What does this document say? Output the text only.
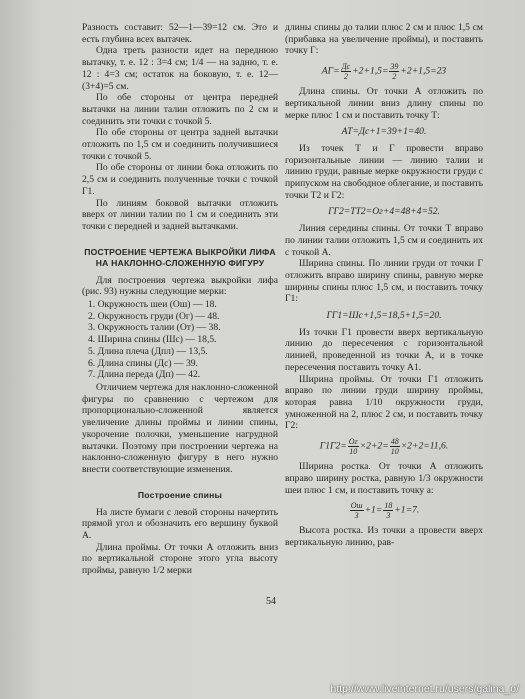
Разность составит: 52—1—39=12 см. Это и есть глубина всех вытачек.

Одна треть разности идет на переднюю вытачку, т. е. 12 : 3=4 см; 1/4 — на задню, т. е. 12 : 4=3 см; остаток на боковую, т. е. 12—(3+4)=5 см.

По обе стороны от центра передней вытачки на линии талии отложить по 2 см и соединить эти точки с точкой 5.

По обе стороны от центра задней вытачки отложить по 1,5 см и соединить получившиеся точки с точкой 5.

По обе стороны от линии бока отложить по 2,5 см и соединить полученные точки с точкой Г1.

По линиям боковой вытачки отложить вверх от линии талии по 1 см и соединить эти точки с передней и задней вытачками.

ПОСТРОЕНИЕ ЧЕРТЕЖА ВЫКРОЙКИ ЛИФА НА НАКЛОННО-СЛОЖЕННУЮ ФИГУРУ

Для построения чертежа выкройки лифа (рис. 93) нужны следующие мерки:

1. Окружность шеи (Ош) — 18.
2. Окружность груди (Ог) — 48.
3. Окружность талии (От) — 38.
4. Ширина спины (Шс) — 18,5.
5. Длина плеча (Дпл) — 13,5.
6. Длина спины (Дс) — 39.
7. Длина переда (Дп) — 42.

Отличием чертежа для наклонно-сложенной фигуры по сравнению с чертежом для пропорционально-сложенной является увеличение длины проймы и линии спины, укорочение полочки, уменьшение нагрудной вытачки. Поэтому при построении чертежа на наклонно-сложенную фигуру в него нужно внести соответствующие изменения.

Построение спины

На листе бумаги с левой стороны начертить прямой угол и обозначить его вершину буквой А.

Длина проймы. От точки А отложить вниз по вертикальной стороне этого угла высоту проймы, равную 1/2 мерки

длины спины до талии плюс 2 см и плюс 1,5 см (прибавка на увеличение проймы), и поставить точку Г:

$АГ= \frac{Дс}{2} +2+1,5= \frac{39}{2} +2+1,5=23$

Длина спины. От точки А отложить по вертикальной линии вниз длину спины по мерке плюс 1 см и поставить точку Т:

АТ=Дс+1=39+1=40.

Из точек Т и Г провести вправо горизонтальные линии — линию талии и линию груди, равные мерке окружности груди с припуском на свободное облегание, и поставить точки Т2 и Г2:

ГГ2=ТТ2=Ог+4=48+4=52.

Линия середины спины. От точки Т вправо по линии талии отложить 1,5 см и соединить их с точкой А.

Ширина спины. По линии груди от точки Г отложить вправо ширину спины, равную мерке ширины спины плюс 1,5 см, и поставить точку Г1:

ГГ1=Шс+1,5=18,5+1,5=20.

Из точки Г1 провести вверх вертикальную линию до пересечения с горизонтальной линией, проведенной из точки А, и в точке пересечения поставить точку А1.

Ширина проймы. От точки Г1 отложить вправо по линии груди ширину проймы, которая равна 1/10 окружности груди, умноженной на 2, плюс 2 см, и поставить точку Г2:

$Г1Г2= \frac{Ог}{10} \times 2+2= \frac{48}{10} \times 2+2=11,6$.

Ширина ростка. От точки А отложить вправо ширину ростка, равную 1/3 окружности шеи плюс 1 см, и поставить точку а:

$\frac{Ош}{3} +1= \frac{18}{3} +1=7$.

Высота ростка. Из точки а провести вверх вертикальную линию, рав-

54
http://www.liveinternet.ru/users/galina_o/
